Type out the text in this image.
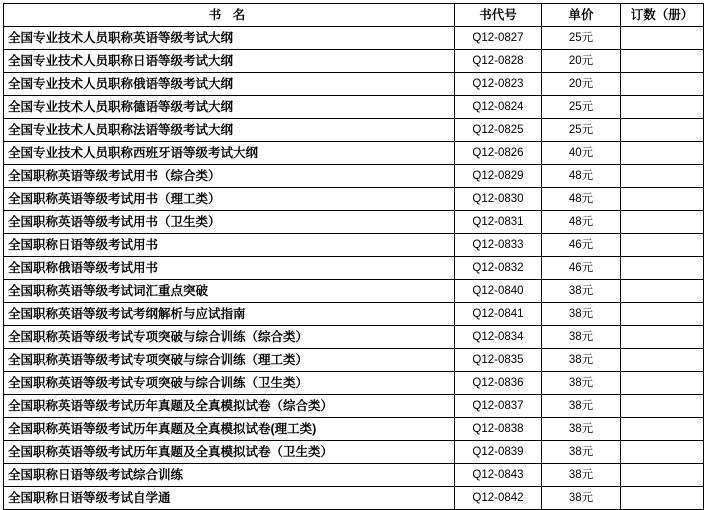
书 名	书代号	单价	订数（册）
全国专业技术人员职称英语等级考试大纲	Q12-0827	25元	
全国专业技术人员职称日语等级考试大纲	Q12-0828	20元	
全国专业技术人员职称俄语等级考试大纲	Q12-0823	20元	
全国专业技术人员职称德语等级考试大纲	Q12-0824	25元	
全国专业技术人员职称法语等级考试大纲	Q12-0825	25元	
全国专业技术人员职称西班牙语等级考试大纲	Q12-0826	40元	
全国职称英语等级考试用书（综合类）	Q12-0829	48元	
全国职称英语等级考试用书（理工类）	Q12-0830	48元	
全国职称英语等级考试用书（卫生类）	Q12-0831	48元	
全国职称日语等级考试用书	Q12-0833	46元	
全国职称俄语等级考试用书	Q12-0832	46元	
全国职称英语等级考试词汇重点突破	Q12-0840	38元	
全国职称英语等级考试考纲解析与应试指南	Q12-0841	38元	
全国职称英语等级考试专项突破与综合训练（综合类）	Q12-0834	38元	
全国职称英语等级考试专项突破与综合训练（理工类）	Q12-0835	38元	
全国职称英语等级考试专项突破与综合训练（卫生类）	Q12-0836	38元	
全国职称英语等级考试历年真题及全真模拟试卷（综合类）	Q12-0837	38元	
全国职称英语等级考试历年真题及全真模拟试卷(理工类)	Q12-0838	38元	
全国职称英语等级考试历年真题及全真模拟试卷（卫生类）	Q12-0839	38元	
全国职称日语等级考试综合训练	Q12-0843	38元	
全国职称日语等级考试自学通	Q12-0842	38元	
